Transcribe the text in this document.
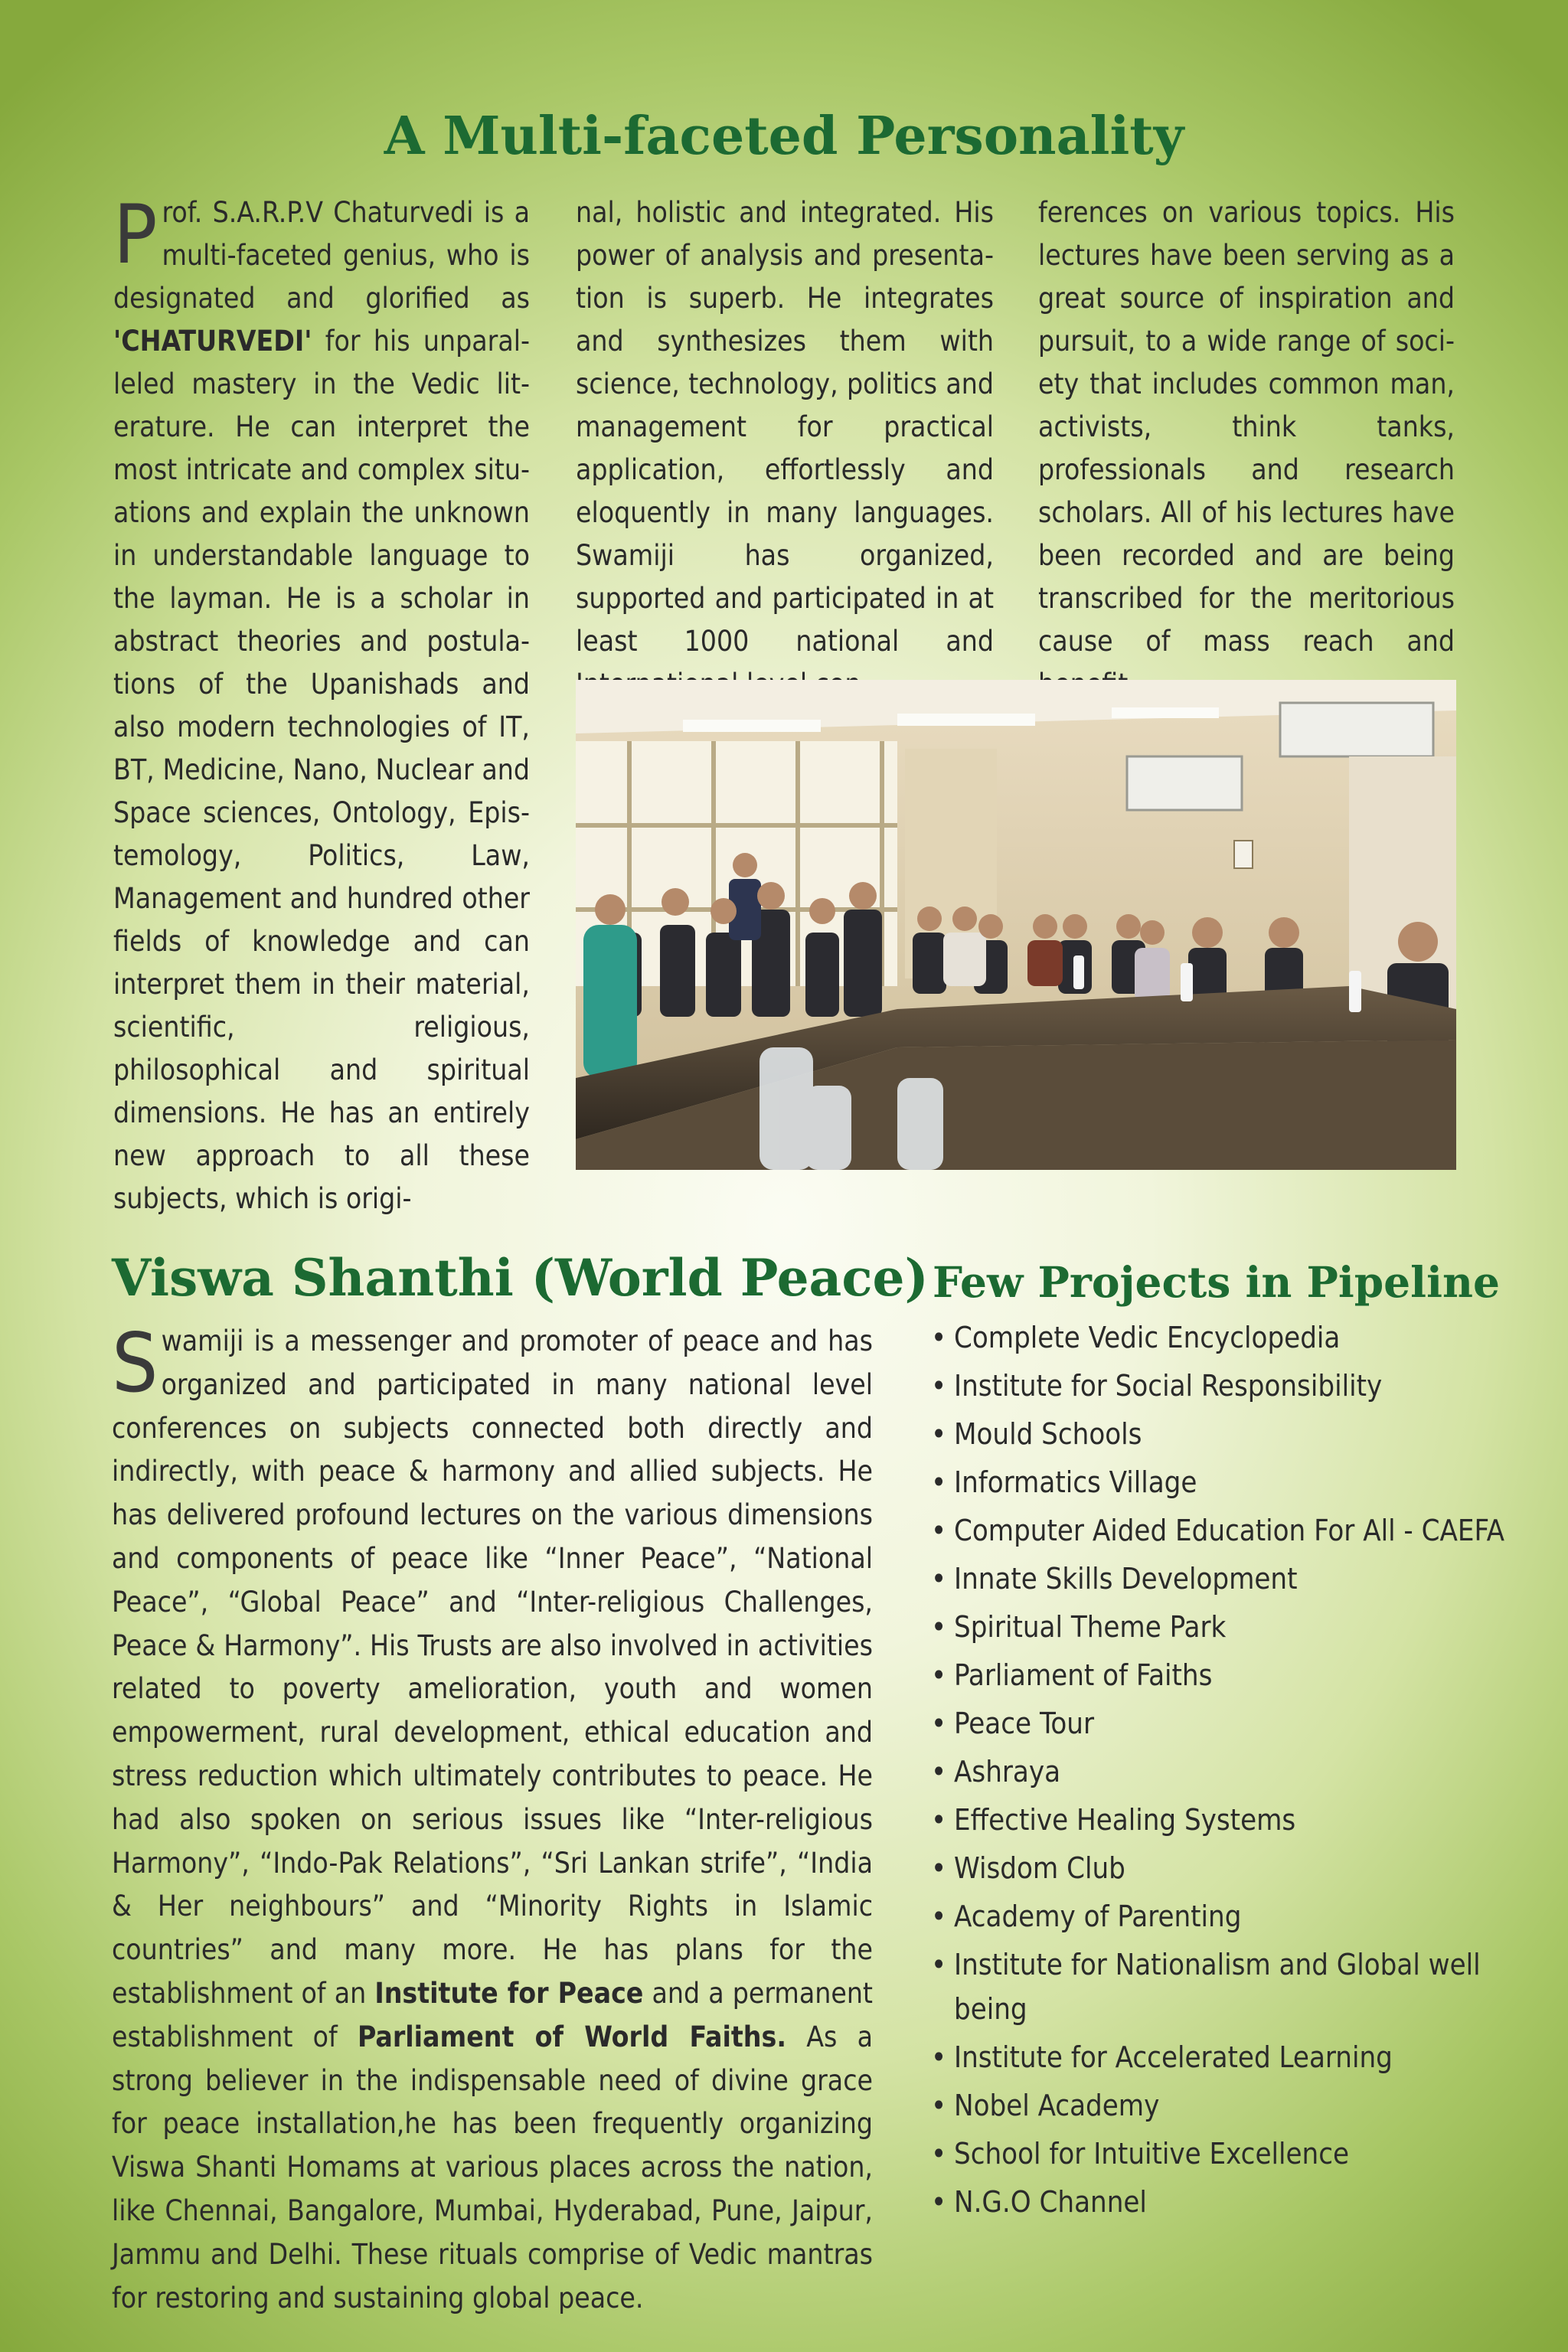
A Multi-faceted Personality

Prof. S.A.R.P.V Chaturvedi is a multi-faceted genius, who is designated and glorified as 'CHATURVEDI' for his unparalleled mastery in the Vedic literature. He can interpret the most intricate and complex situations and explain the unknown in understandable language to the layman. He is a scholar in abstract theories and postulations of the Upanishads and also modern technologies of IT, BT, Medicine, Nano, Nuclear and Space sciences, Ontology, Epistemology, Politics, Law, Management and hundred other fields of knowledge and can interpret them in their material, scientific, religious, philosophical and spiritual dimensions. He has an entirely new approach to all these subjects, which is origi-

nal, holistic and integrated. His power of analysis and presentation is superb. He integrates and synthesizes them with science, technology, politics and management for practical application, effortlessly and eloquently in many languages. Swamiji has organized, supported and participated in at least 1000 national and

ferences on various topics. His lectures have been serving as a great source of inspiration and pursuit, to a wide range of society that includes common man, activists, think tanks, professionals and research scholars. All of his lectures have been recorded and are being transcribed for the meritorious cause of mass reach and

Viswa Shanthi (World Peace)

Swamiji is a messenger and promoter of peace and has organized and participated in many national level conferences on subjects connected both directly and indirectly, with peace & harmony and allied subjects. He has delivered profound lectures on the various dimensions and components of peace like “Inner Peace”, “National Peace”, “Global Peace” and “Inter-religious Challenges, Peace & Harmony”. His Trusts are also involved in activities related to poverty amelioration, youth and women empowerment, rural development, ethical education and stress reduction which ultimately contributes to peace. He had also spoken on serious issues like “Inter-religious Harmony”, “Indo-Pak Relations”, “Sri Lankan strife”, “India & Her neighbours” and “Minority Rights in Islamic countries” and many more. He has plans for the establishment of an Institute for Peace and a permanent establishment of Parliament of World Faiths. As a strong believer in the indispensable need of divine grace for peace installation,he has been frequently organizing Viswa Shanti Homams at various places across the nation, like Chennai, Bangalore, Mumbai, Hyderabad, Pune, Jaipur, Jammu and Delhi. These rituals comprise of Vedic mantras for restoring and sustaining global peace.

Few Projects in Pipeline
• Complete Vedic Encyclopedia
• Institute for Social Responsibility
• Mould Schools
• Informatics Village
• Computer Aided Education For All - CAEFA
• Innate Skills Development
• Spiritual Theme Park
• Parliament of Faiths
• Peace Tour
• Ashraya
• Effective Healing Systems
• Wisdom Club
• Academy of Parenting
• Institute for Nationalism and Global well being
• Institute for Accelerated Learning
• Nobel Academy
• School for Intuitive Excellence
• N.G.O Channel
